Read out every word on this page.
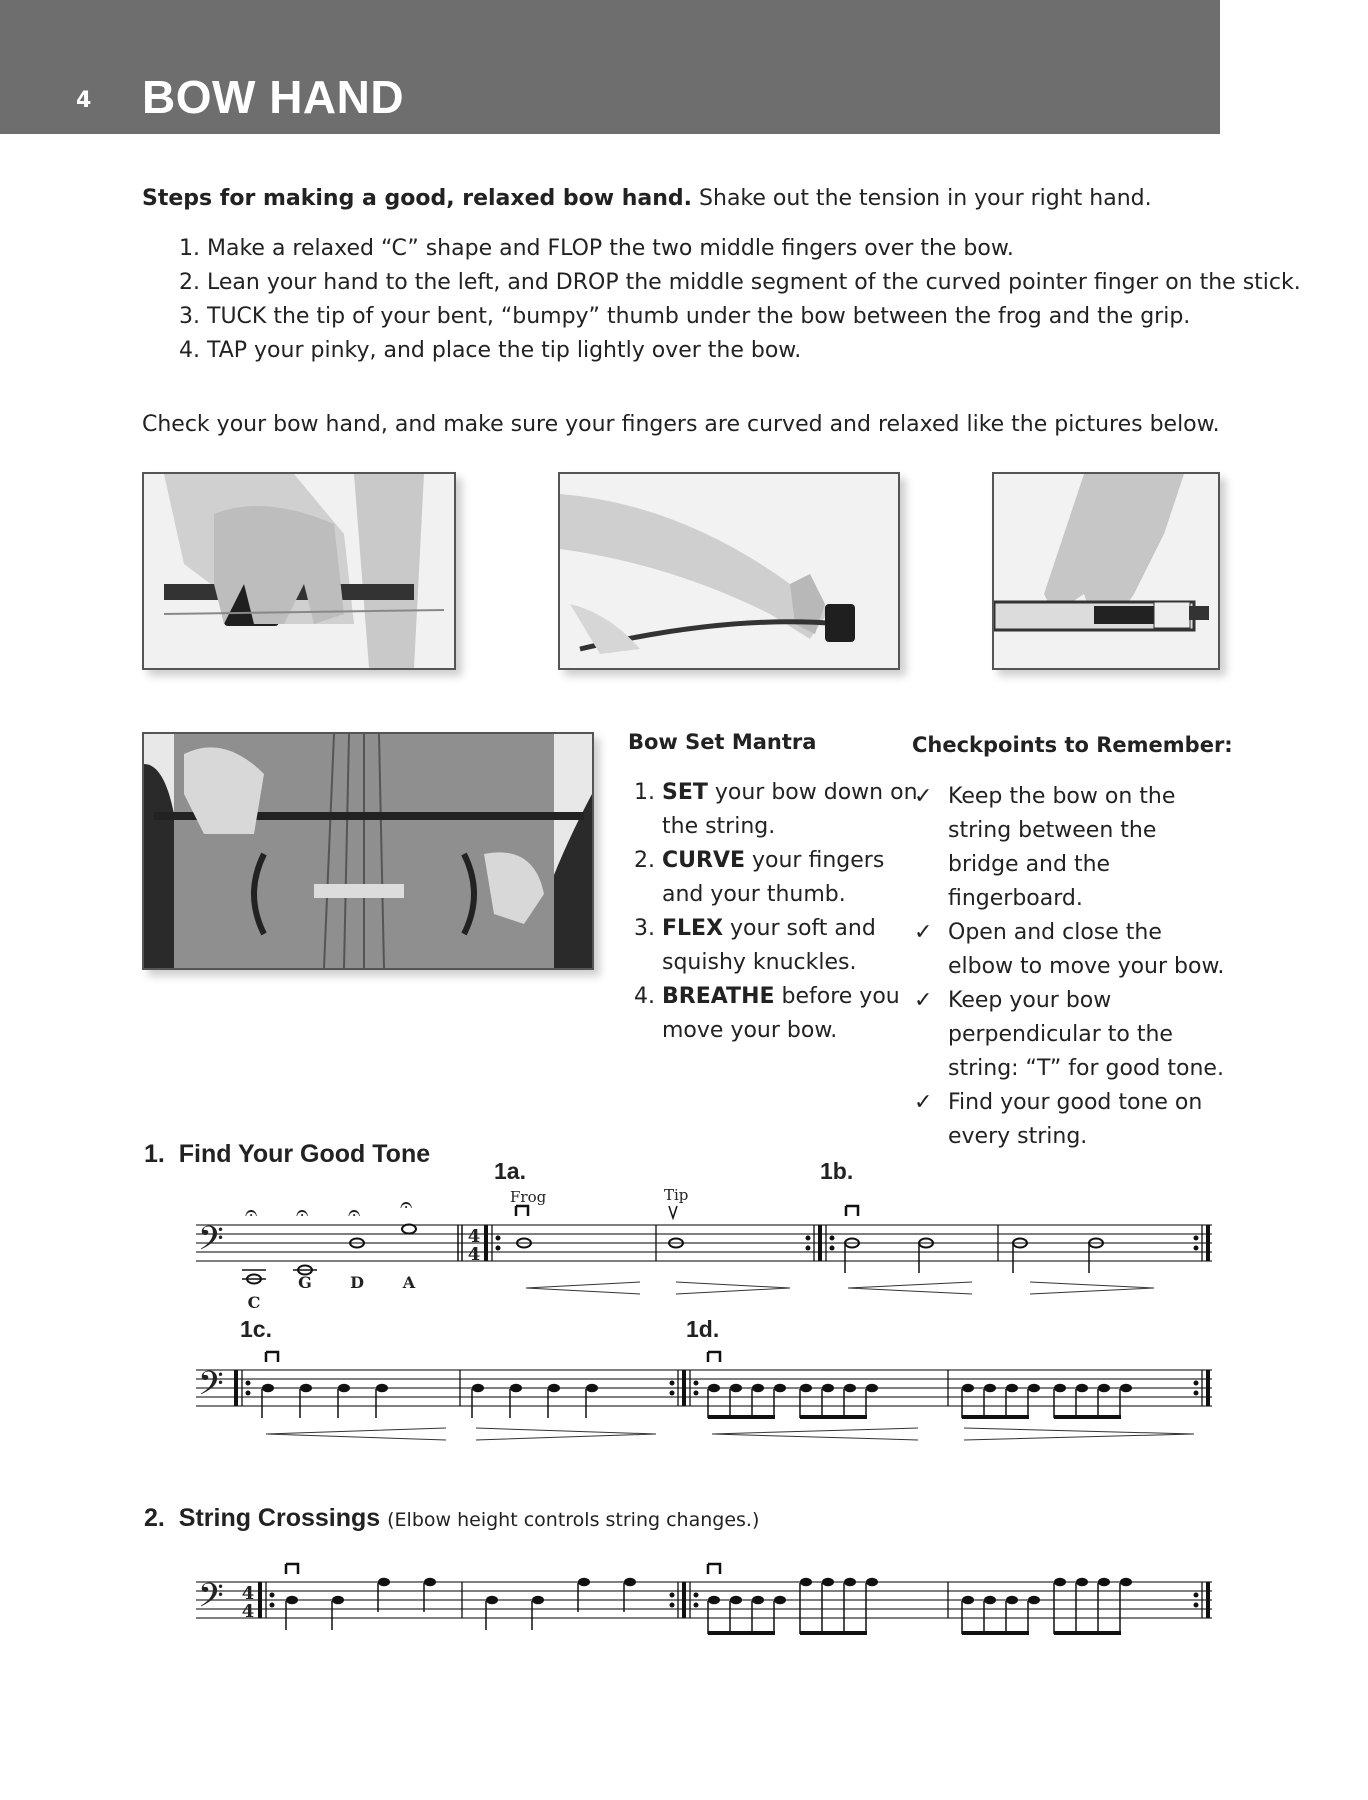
4 BOW HAND
Steps for making a good, relaxed bow hand. Shake out the tension in your right hand.
1. Make a relaxed “C” shape and FLOP the two middle fingers over the bow.
2. Lean your hand to the left, and DROP the middle segment of the curved pointer finger on the stick.
3. TUCK the tip of your bent, “bumpy” thumb under the bow between the frog and the grip.
4. TAP your pinky, and place the tip lightly over the bow.
Check your bow hand, and make sure your fingers are curved and relaxed like the pictures below.
Bow Set Mantra
1. SET your bow down on the string.
2. CURVE your fingers and your thumb.
3. FLEX your soft and squishy knuckles.
4. BREATHE before you move your bow.
Checkpoints to Remember:
✓ Keep the bow on the string between the bridge and the fingerboard.
✓ Open and close the elbow to move your bow.
✓ Keep your bow perpendicular to the string: “T” for good tone.
✓ Find your good tone on every string.
1. Find Your Good Tone
1a.	1b.
𝄢
𝄐 𝄐 𝄐 𝄐
C
G D A
4
4
Frog	Tip
1c.	1d.
𝄢
2. String Crossings (Elbow height controls string changes.)
𝄢 4
4
